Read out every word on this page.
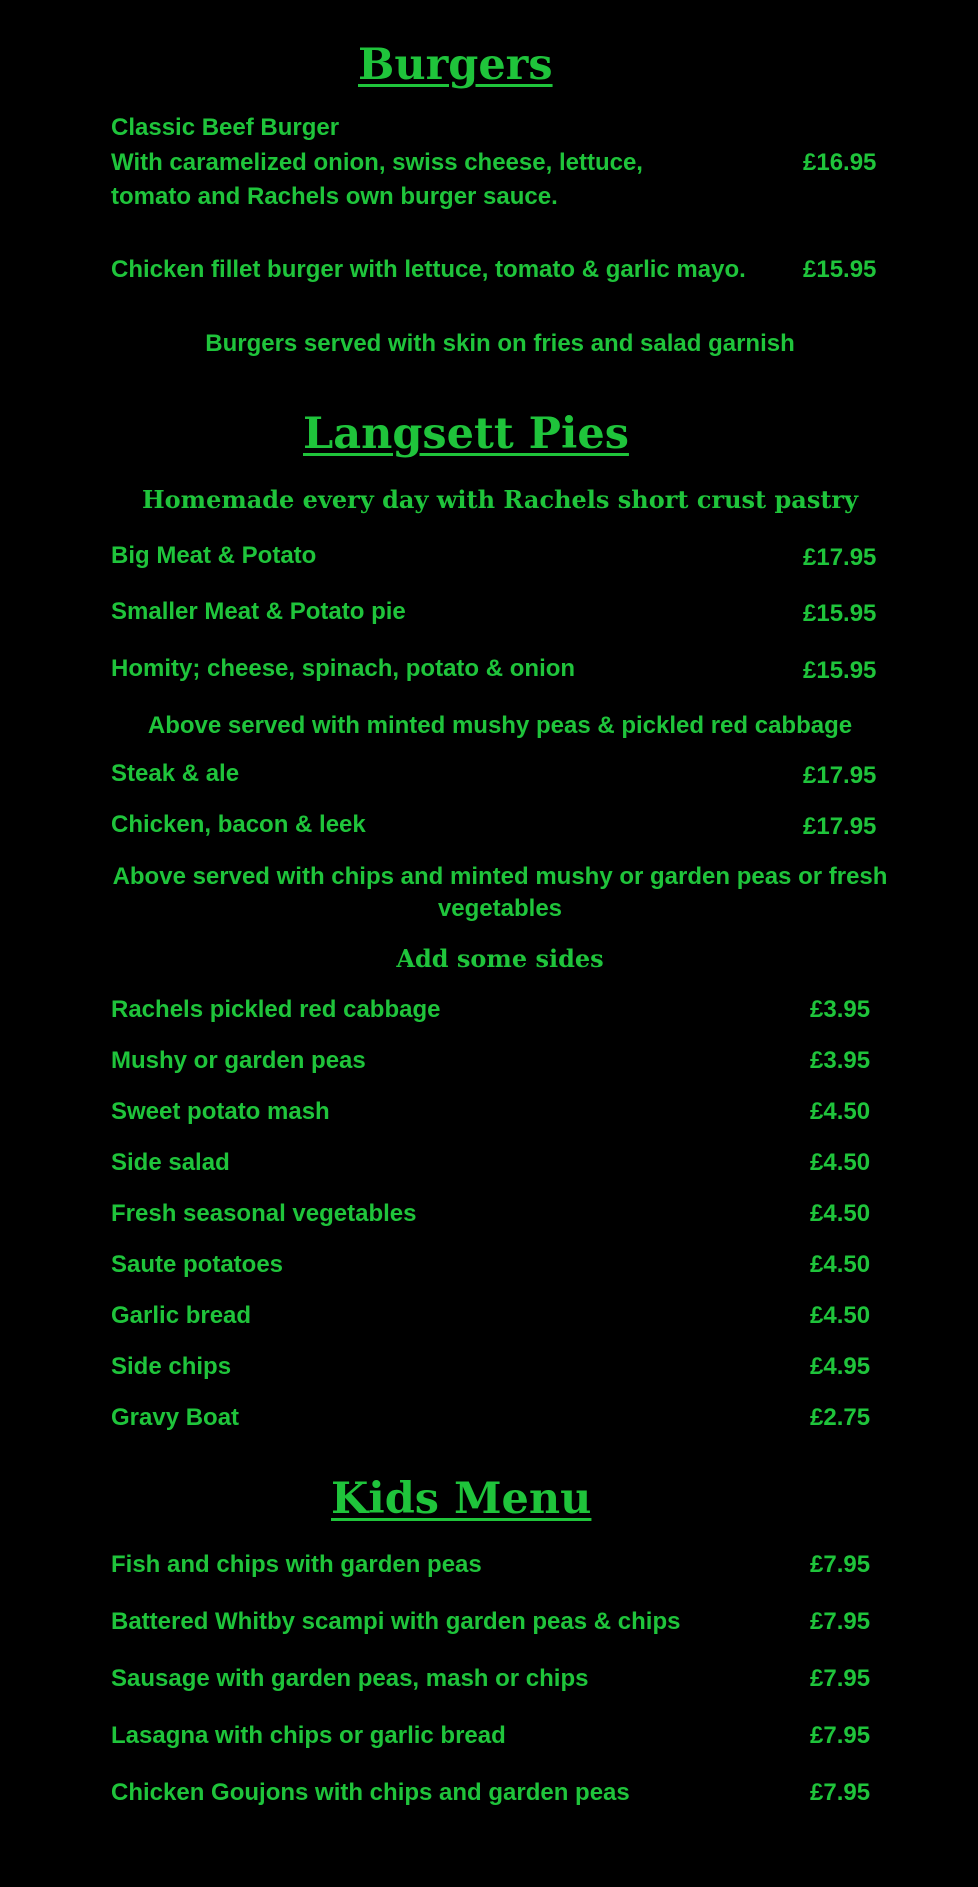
Burgers
Classic Beef Burger
With caramelized onion, swiss cheese, lettuce,	£16.95
tomato and Rachels own burger sauce.
Chicken fillet burger with lettuce, tomato & garlic mayo. £15.95
Burgers served with skin on fries and salad garnish
Langsett Pies
Homemade every day with Rachels short crust pastry
Big Meat & Potato	£17.95
Smaller Meat & Potato pie	£15.95
Homity; cheese, spinach, potato & onion	£15.95
Above served with minted mushy peas & pickled red cabbage
Steak & ale	£17.95
Chicken, bacon & leek	£17.95
Above served with chips and minted mushy or garden peas or fresh vegetables
Add some sides
Rachels pickled red cabbage	£3.95
Mushy or garden peas	£3.95
Sweet potato mash	£4.50
Side salad	£4.50
Fresh seasonal vegetables	£4.50
Saute potatoes	£4.50
Garlic bread	£4.50
Side chips	£4.95
Gravy Boat	£2.75
Kids Menu
Fish and chips with garden peas	£7.95
Battered Whitby scampi with garden peas & chips	£7.95
Sausage with garden peas, mash or chips	£7.95
Lasagna with chips or garlic bread	£7.95
Chicken Goujons with chips and garden peas	£7.95
